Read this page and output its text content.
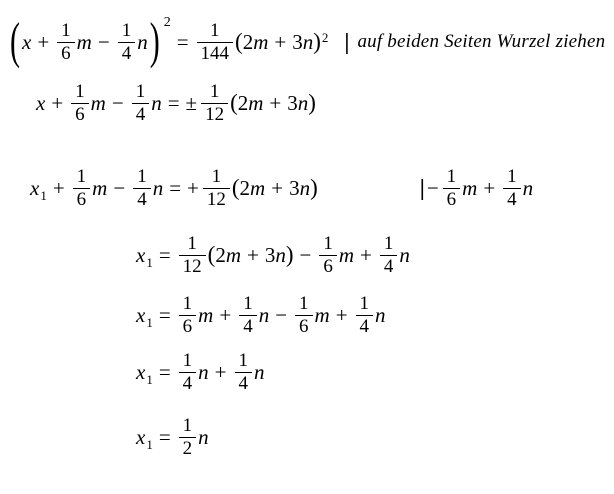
( $x + \frac{1}{6}$ $m - \frac{1}{4}$ n ) 2
= $\frac{1}{144}$ ( 2 m + 3 n )$^2$ | auf beiden Seiten Wurzel ziehen
$x + \frac{1}{6}$ $m - \frac{1}{4}$ n = ± $\frac{1}{12}$ ( 2 m + 3 n )
$x_1 + \frac{1}{6}$ $m - \frac{1}{4}$ n = + $\frac{1}{12}$ ( 2 m + 3 n )	| − $\frac{1}{6}$ $m + \frac{1}{4}$ n
$x_1 = \frac{1}{12}$ ( 2 m + 3 n ) − $\frac{1}{6}$ $m + \frac{1}{4}$ n
$x_1 = \frac{1}{6}$ $m + \frac{1}{4}$ $n - \frac{1}{6}$ $m + \frac{1}{4}$ n
$x_1 = \frac{1}{4}$ $n + \frac{1}{4}$ n
$x_1 = \frac{1}{2}$ n
